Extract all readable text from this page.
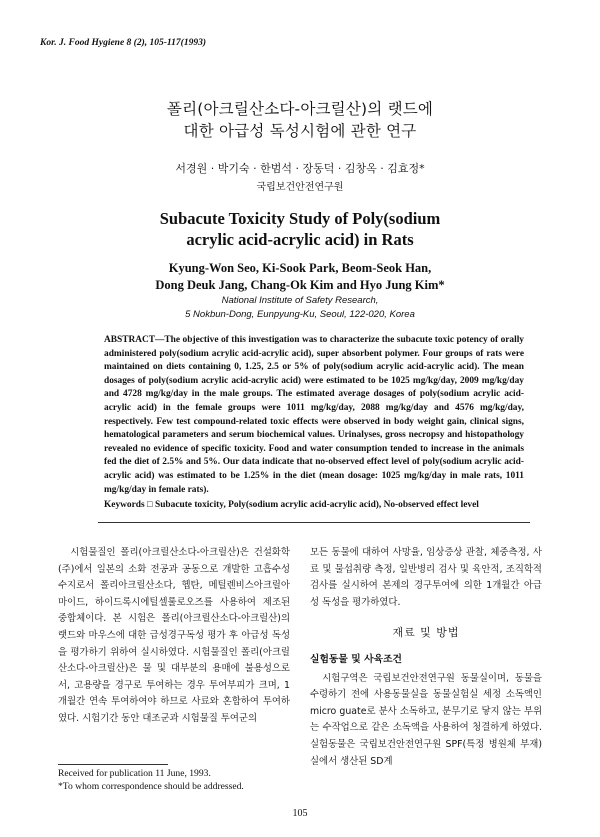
Kor. J. Food Hygiene 8 (2), 105-117(1993)
폴리(아크릴산소다-아크릴산)의 랫드에
대한 아급성 독성시험에 관한 연구
서경원 · 박기숙 · 한범석 · 장동덕 · 김창옥 · 김효정*
국립보건안전연구원
Subacute Toxicity Study of Poly(sodium
acrylic acid-acrylic acid) in Rats
Kyung-Won Seo, Ki-Sook Park, Beom-Seok Han,
Dong Deuk Jang, Chang-Ok Kim and Hyo Jung Kim*
National Institute of Safety Research,
5 Nokbun-Dong, Eunpyung-Ku, Seoul, 122-020, Korea
ABSTRACT—The objective of this investigation was to characterize the subacute toxic potency of orally administered poly(sodium acrylic acid-acrylic acid), super absorbent polymer. Four groups of rats were maintained on diets containing 0, 1.25, 2.5 or 5% of poly(sodium acrylic acid-acrylic acid). The mean dosages of poly(sodium acrylic acid-acrylic acid) were estimated to be 1025 mg/kg/day, 2009 mg/kg/day and 4728 mg/kg/day in the male groups. The estimated average dosages of poly(sodium acrylic acid-acrylic acid) in the female groups were 1011 mg/kg/day, 2088 mg/kg/day and 4576 mg/kg/day, respectively. Few test compound-related toxic effects were observed in body weight gain, clinical signs, hematological parameters and serum biochemical values. Urinalyses, gross necropsy and histopathology revealed no evidence of specific toxicity. Food and water consumption tended to increase in the animals fed the diet of 2.5% and 5%. Our data indicate that no-observed effect level of poly(sodium acrylic acid-acrylic acid) was estimated to be 1.25% in the diet (mean dosage: 1025 mg/kg/day in male rats, 1011 mg/kg/day in female rats).
Keywords □ Subacute toxicity, Poly(sodium acrylic acid-acrylic acid), No-observed effect level

시험물질인 폴리(아크릴산소다-아크릴산)은 건설화학(주)에서 일본의 소화 전공과 공동으로 개발한 고흡수성 수지로서 폴리아크릴산소다, 헵탄, 메틸렌비스아크릴아마이드, 하이드록시에틸셀룰로오즈를 사용하여 제조된 중합체이다. 본 시험은 폴리(아크릴산소다-아크릴산)의 랫드와 마우스에 대한 급성경구독성 평가 후 아급성 독성을 평가하기 위하여 실시하였다. 시험물질인 폴리(아크릴산소다-아크릴산)은 물 및 대부분의 용매에 불용성으로서, 고용량을 경구로 투여하는 경우 투여부피가 크며, 1개월간 연속 투여하여야 하므로 사료와 혼합하여 투여하였다. 시험기간 동안 대조군과 시험물질 투여군의

모든 동물에 대하여 사망율, 임상증상 관찰, 체중측정, 사료 및 물섭취량 측정, 일반병리 검사 및 육안적, 조직학적 검사를 실시하여 본제의 경구투여에 의한 1개월간 아급성 독성을 평가하였다.

재료 및 방법
실험동물 및 사육조건

시험구역은 국립보건안전연구원 동물실이며, 동물을 수령하기 전에 사용동물실을 동물실험실 세정 소독액인 micro guate로 분사 소독하고, 분무기로 닿지 않는 부위는 수작업으로 같은 소독액을 사용하여 청결하게 하였다. 실험동물은 국립보건안전연구원 SPF(특정 병원체 부재)실에서 생산된 SD계

Received for publication 11 June, 1993.
*To whom correspondence should be addressed.
105
